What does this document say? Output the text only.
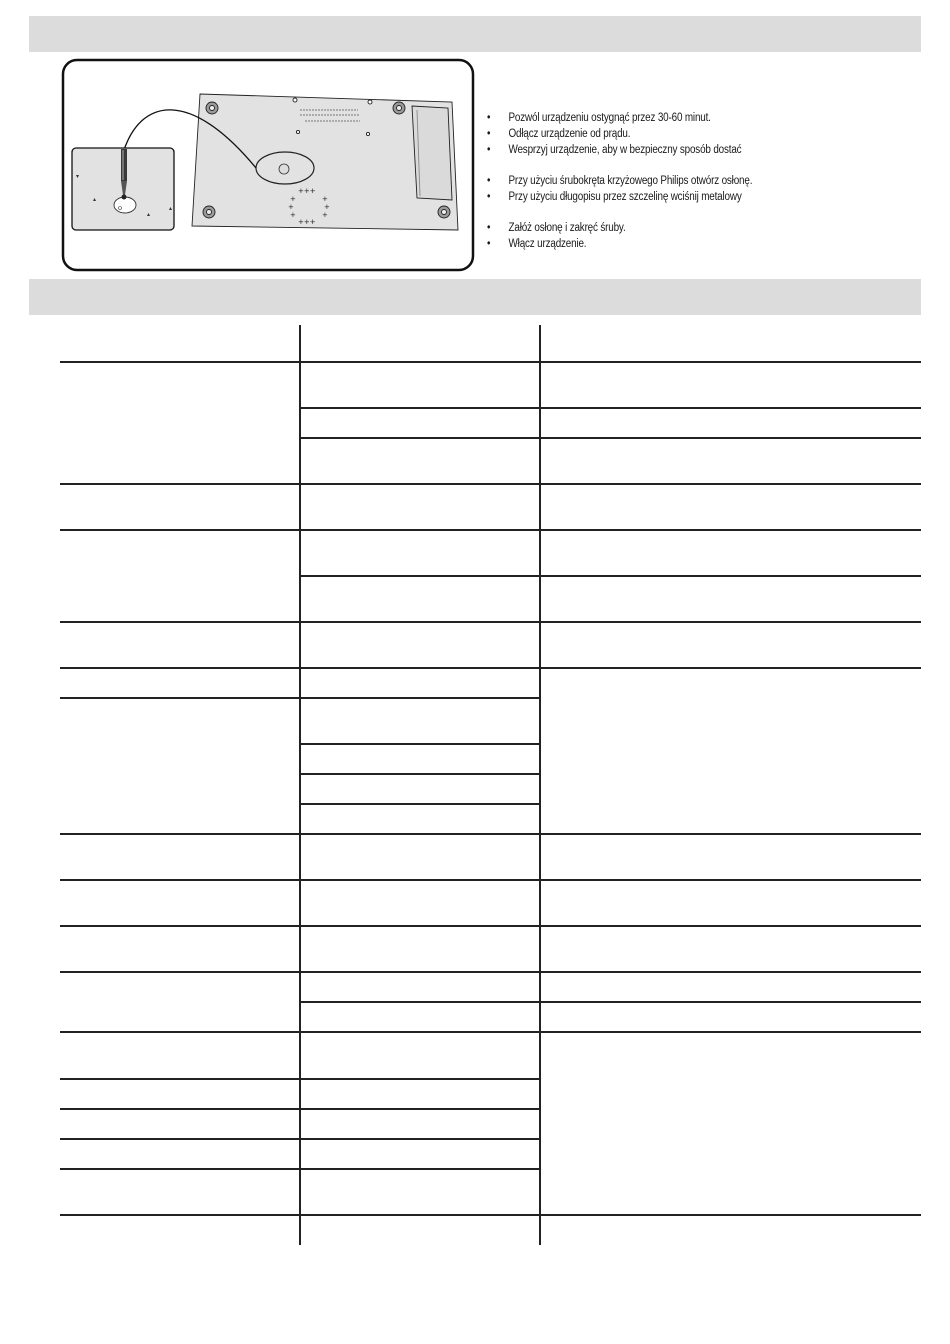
+++
+	+
+	+
+	+
+++
▾
▴
▴
▴
• Pozwól urządzeniu ostygnąć przez 30-60 minut.
• Odłącz urządzenie od prądu.
• Wesprzyj urządzenie, aby w bezpieczny sposób dostać
• Przy użyciu śrubokręta krzyżowego Philips otwórz osłonę.
• Przy użyciu długopisu przez szczelinę wciśnij metalowy
• Załóż osłonę i zakręć śruby.
• Włącz urządzenie.
